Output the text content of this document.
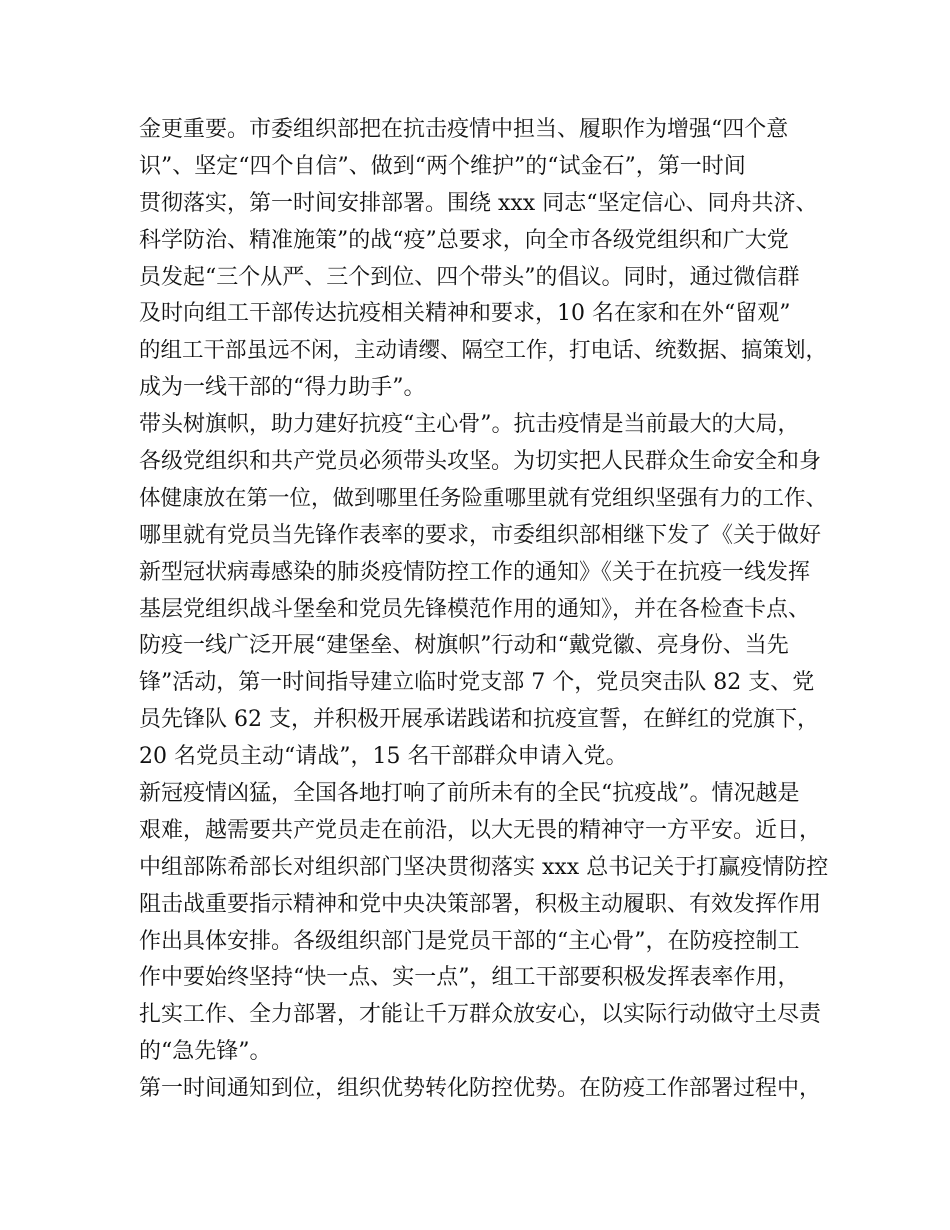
金更重要。市委组织部把在抗击疫情中担当、履职作为增强“四个意
识”、坚定“四个自信”、做到“两个维护”的“试金石”，第一时间
贯彻落实，第一时间安排部署。围绕 xxx 同志“坚定信心、同舟共济、
科学防治、精准施策”的战“疫”总要求，向全市各级党组织和广大党
员发起“三个从严、三个到位、四个带头”的倡议。同时，通过微信群
及时向组工干部传达抗疫相关精神和要求，10 名在家和在外“留观”
的组工干部虽远不闲，主动请缨、隔空工作，打电话、统数据、搞策划，
成为一线干部的“得力助手”。
带头树旗帜，助力建好抗疫“主心骨”。抗击疫情是当前最大的大局，
各级党组织和共产党员必须带头攻坚。为切实把人民群众生命安全和身
体健康放在第一位，做到哪里任务险重哪里就有党组织坚强有力的工作、
哪里就有党员当先锋作表率的要求，市委组织部相继下发了《关于做好
新型冠状病毒感染的肺炎疫情防控工作的通知》《关于在抗疫一线发挥
基层党组织战斗堡垒和党员先锋模范作用的通知》，并在各检查卡点、
防疫一线广泛开展“建堡垒、树旗帜”行动和“戴党徽、亮身份、当先
锋”活动，第一时间指导建立临时党支部 7 个，党员突击队 82 支、党
员先锋队 62 支，并积极开展承诺践诺和抗疫宣誓，在鲜红的党旗下，
20 名党员主动“请战”，15 名干部群众申请入党。
新冠疫情凶猛，全国各地打响了前所未有的全民“抗疫战”。情况越是
艰难，越需要共产党员走在前沿，以大无畏的精神守一方平安。近日，
中组部陈希部长对组织部门坚决贯彻落实 xxx 总书记关于打赢疫情防控
阻击战重要指示精神和党中央决策部署，积极主动履职、有效发挥作用
作出具体安排。各级组织部门是党员干部的“主心骨”，在防疫控制工
作中要始终坚持“快一点、实一点”，组工干部要积极发挥表率作用，
扎实工作、全力部署，才能让千万群众放安心，以实际行动做守土尽责
的“急先锋”。
第一时间通知到位，组织优势转化防控优势。在防疫工作部署过程中，
